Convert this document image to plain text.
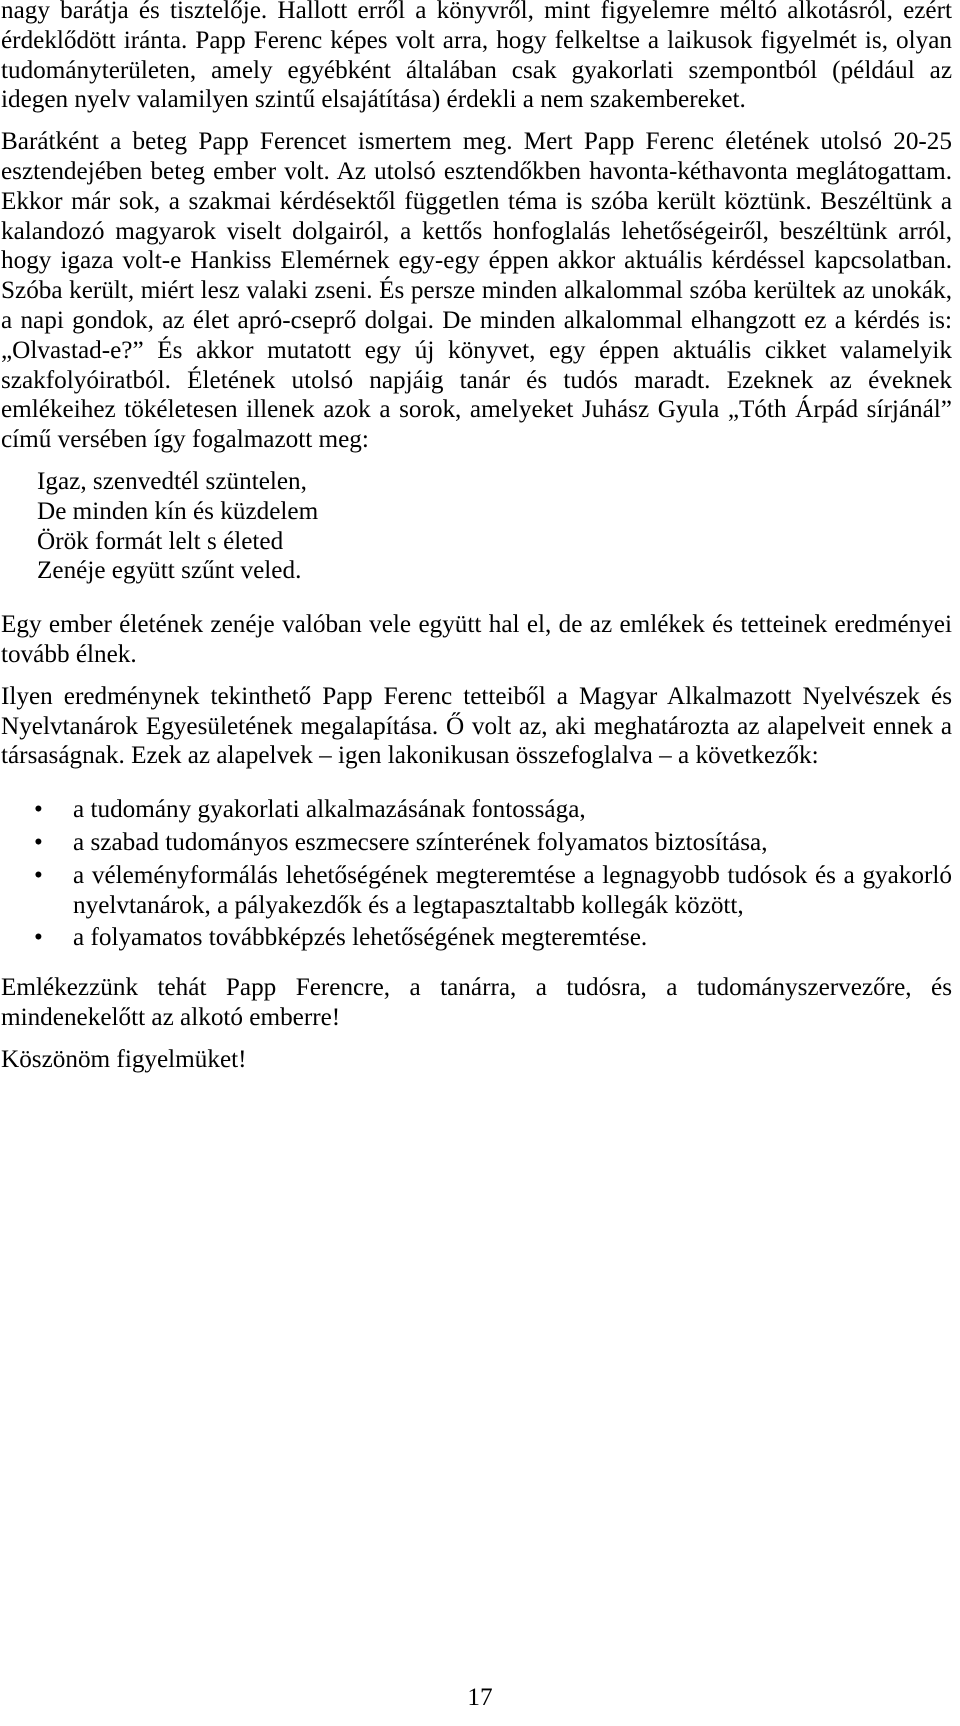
nagy barátja és tisztelője. Hallott erről a könyvről, mint figyelemre méltó alkotásról, ezért érdeklődött iránta. Papp Ferenc képes volt arra, hogy felkeltse a laikusok figyelmét is, olyan tudományterületen, amely egyébként általában csak gyakorlati szempontból (például az idegen nyelv valamilyen szintű elsajátítása) érdekli a nem szakembereket.

Barátként a beteg Papp Ferencet ismertem meg. Mert Papp Ferenc életének utolsó 20-25 esztendejében beteg ember volt. Az utolsó esztendőkben havonta-kéthavonta meglátogattam. Ekkor már sok, a szakmai kérdésektől független téma is szóba került köztünk. Beszéltünk a kalandozó magyarok viselt dolgairól, a kettős honfoglalás lehetőségeiről, beszéltünk arról, hogy igaza volt-e Hankiss Elemérnek egy-egy éppen akkor aktuális kérdéssel kapcsolatban. Szóba került, miért lesz valaki zseni. És persze minden alkalommal szóba kerültek az unokák, a napi gondok, az élet apró-cseprő dolgai. De minden alkalommal elhangzott ez a kérdés is: „Olvastad-e?” És akkor mutatott egy új könyvet, egy éppen aktuális cikket valamelyik szakfolyóiratból. Életének utolsó napjáig tanár és tudós maradt. Ezeknek az éveknek emlékeihez tökéletesen illenek azok a sorok, amelyeket Juhász Gyula „Tóth Árpád sírjánál” című versében így fogalmazott meg:

Igaz, szenvedtél szüntelen,
De minden kín és küzdelem
Örök formát lelt s életed
Zenéje együtt szűnt veled.

Egy ember életének zenéje valóban vele együtt hal el, de az emlékek és tetteinek eredményei tovább élnek.

Ilyen eredménynek tekinthető Papp Ferenc tetteiből a Magyar Alkalmazott Nyelvészek és Nyelvtanárok Egyesületének megalapítása. Ő volt az, aki meghatározta az alapelveit ennek a társaságnak. Ezek az alapelvek – igen lakonikusan összefoglalva – a következők:

• a tudomány gyakorlati alkalmazásának fontossága,
• a szabad tudományos eszmecsere színterének folyamatos biztosítása,
• a véleményformálás lehetőségének megteremtése a legnagyobb tudósok és a gyakorló nyelvtanárok, a pályakezdők és a legtapasztaltabb kollegák között,
• a folyamatos továbbképzés lehetőségének megteremtése.

Emlékezzünk tehát Papp Ferencre, a tanárra, a tudósra, a tudományszervezőre, és mindenekelőtt az alkotó emberre!

Köszönöm figyelmüket!

17
